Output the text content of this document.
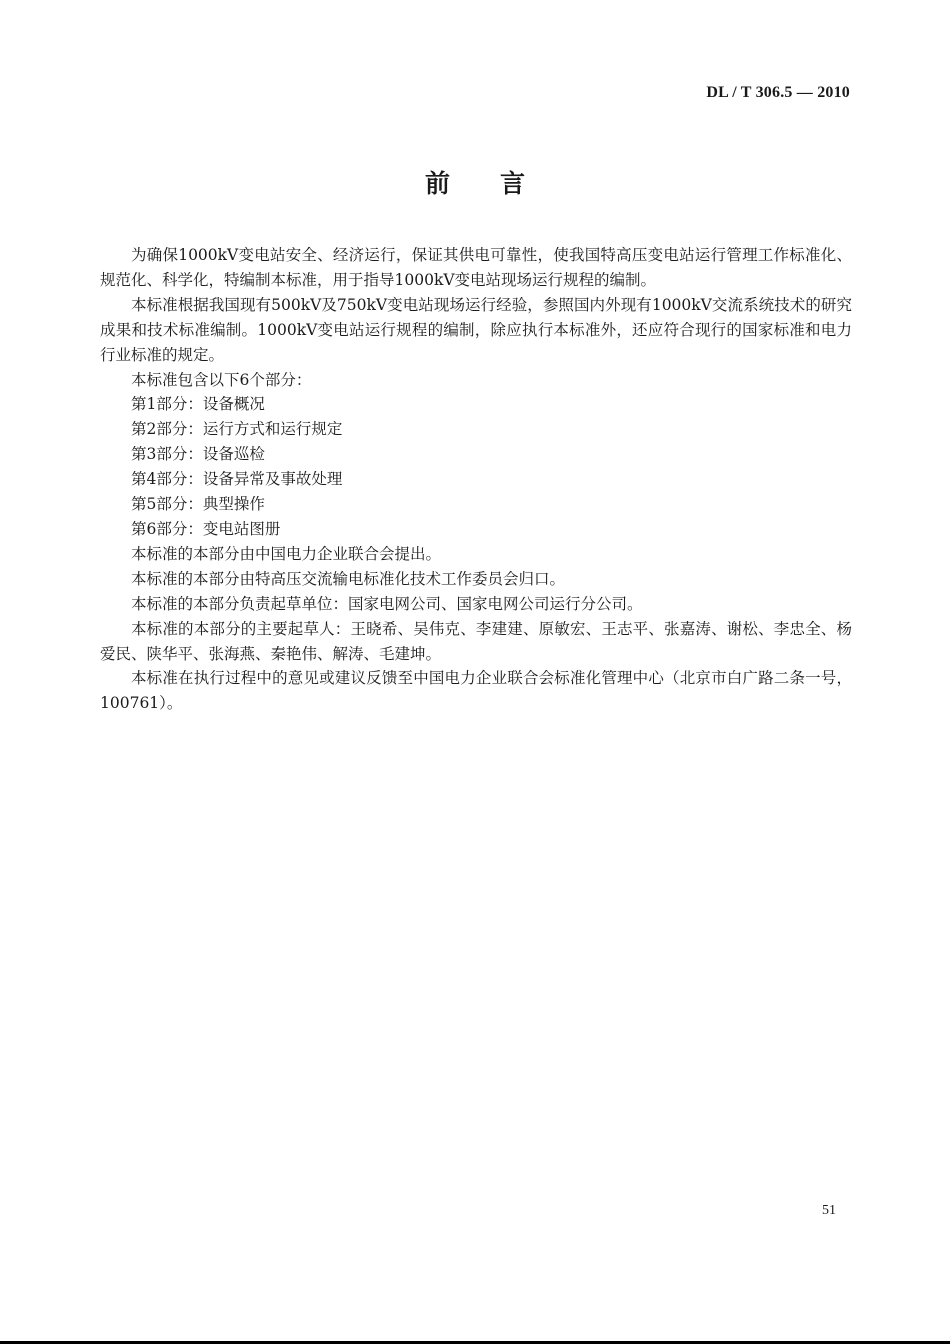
DL / T 306.5 — 2010
前言

为确保1000kV变电站安全、经济运行，保证其供电可靠性，使我国特高压变电站运行管理工作标准化、规范化、科学化，特编制本标准，用于指导1000kV变电站现场运行规程的编制。

本标准根据我国现有500kV及750kV变电站现场运行经验，参照国内外现有1000kV交流系统技术的研究成果和技术标准编制。1000kV变电站运行规程的编制，除应执行本标准外，还应符合现行的国家标准和电力行业标准的规定。

本标准包含以下6个部分：

第1部分：设备概况

第2部分：运行方式和运行规定

第3部分：设备巡检

第4部分：设备异常及事故处理

第5部分：典型操作

第6部分：变电站图册

本标准的本部分由中国电力企业联合会提出。

本标准的本部分由特高压交流输电标准化技术工作委员会归口。

本标准的本部分负责起草单位：国家电网公司、国家电网公司运行分公司。

本标准的本部分的主要起草人：王晓希、吴伟克、李建建、原敏宏、王志平、张嘉涛、谢松、李忠全、杨爱民、陕华平、张海燕、秦艳伟、解涛、毛建坤。

本标准在执行过程中的意见或建议反馈至中国电力企业联合会标准化管理中心（北京市白广路二条一号，100761）。

51
